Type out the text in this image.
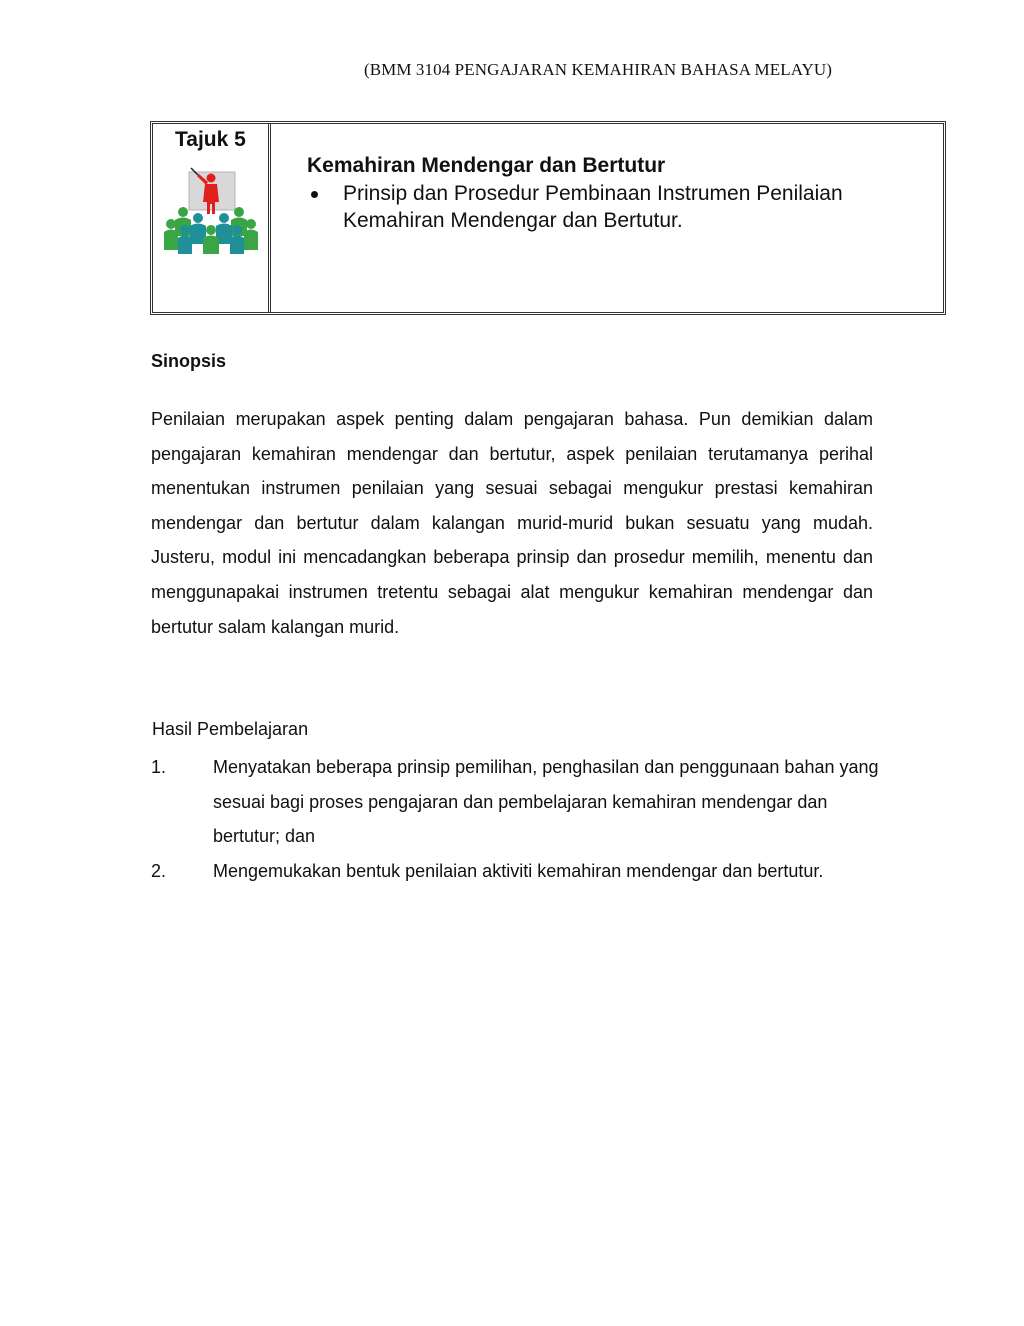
(BMM 3104 PENGAJARAN KEMAHIRAN BAHASA MELAYU)
Tajuk 5
Kemahiran Mendengar dan Bertutur
Prinsip dan Prosedur Pembinaan Instrumen Penilaian Kemahiran Mendengar dan Bertutur.
Sinopsis
Penilaian merupakan aspek penting dalam pengajaran bahasa. Pun demikian dalam pengajaran kemahiran mendengar dan bertutur, aspek penilaian terutamanya perihal menentukan instrumen penilaian yang sesuai sebagai mengukur prestasi kemahiran mendengar dan bertutur dalam kalangan murid-murid bukan sesuatu yang mudah. Justeru, modul ini mencadangkan beberapa prinsip dan prosedur memilih, menentu dan menggunapakai instrumen tretentu sebagai alat mengukur kemahiran mendengar dan bertutur salam kalangan murid.
Hasil Pembelajaran
1.	Menyatakan beberapa prinsip pemilihan, penghasilan dan penggunaan bahan yang sesuai bagi proses pengajaran dan pembelajaran kemahiran mendengar dan bertutur; dan
2.	Mengemukakan bentuk penilaian aktiviti kemahiran mendengar dan bertutur.
